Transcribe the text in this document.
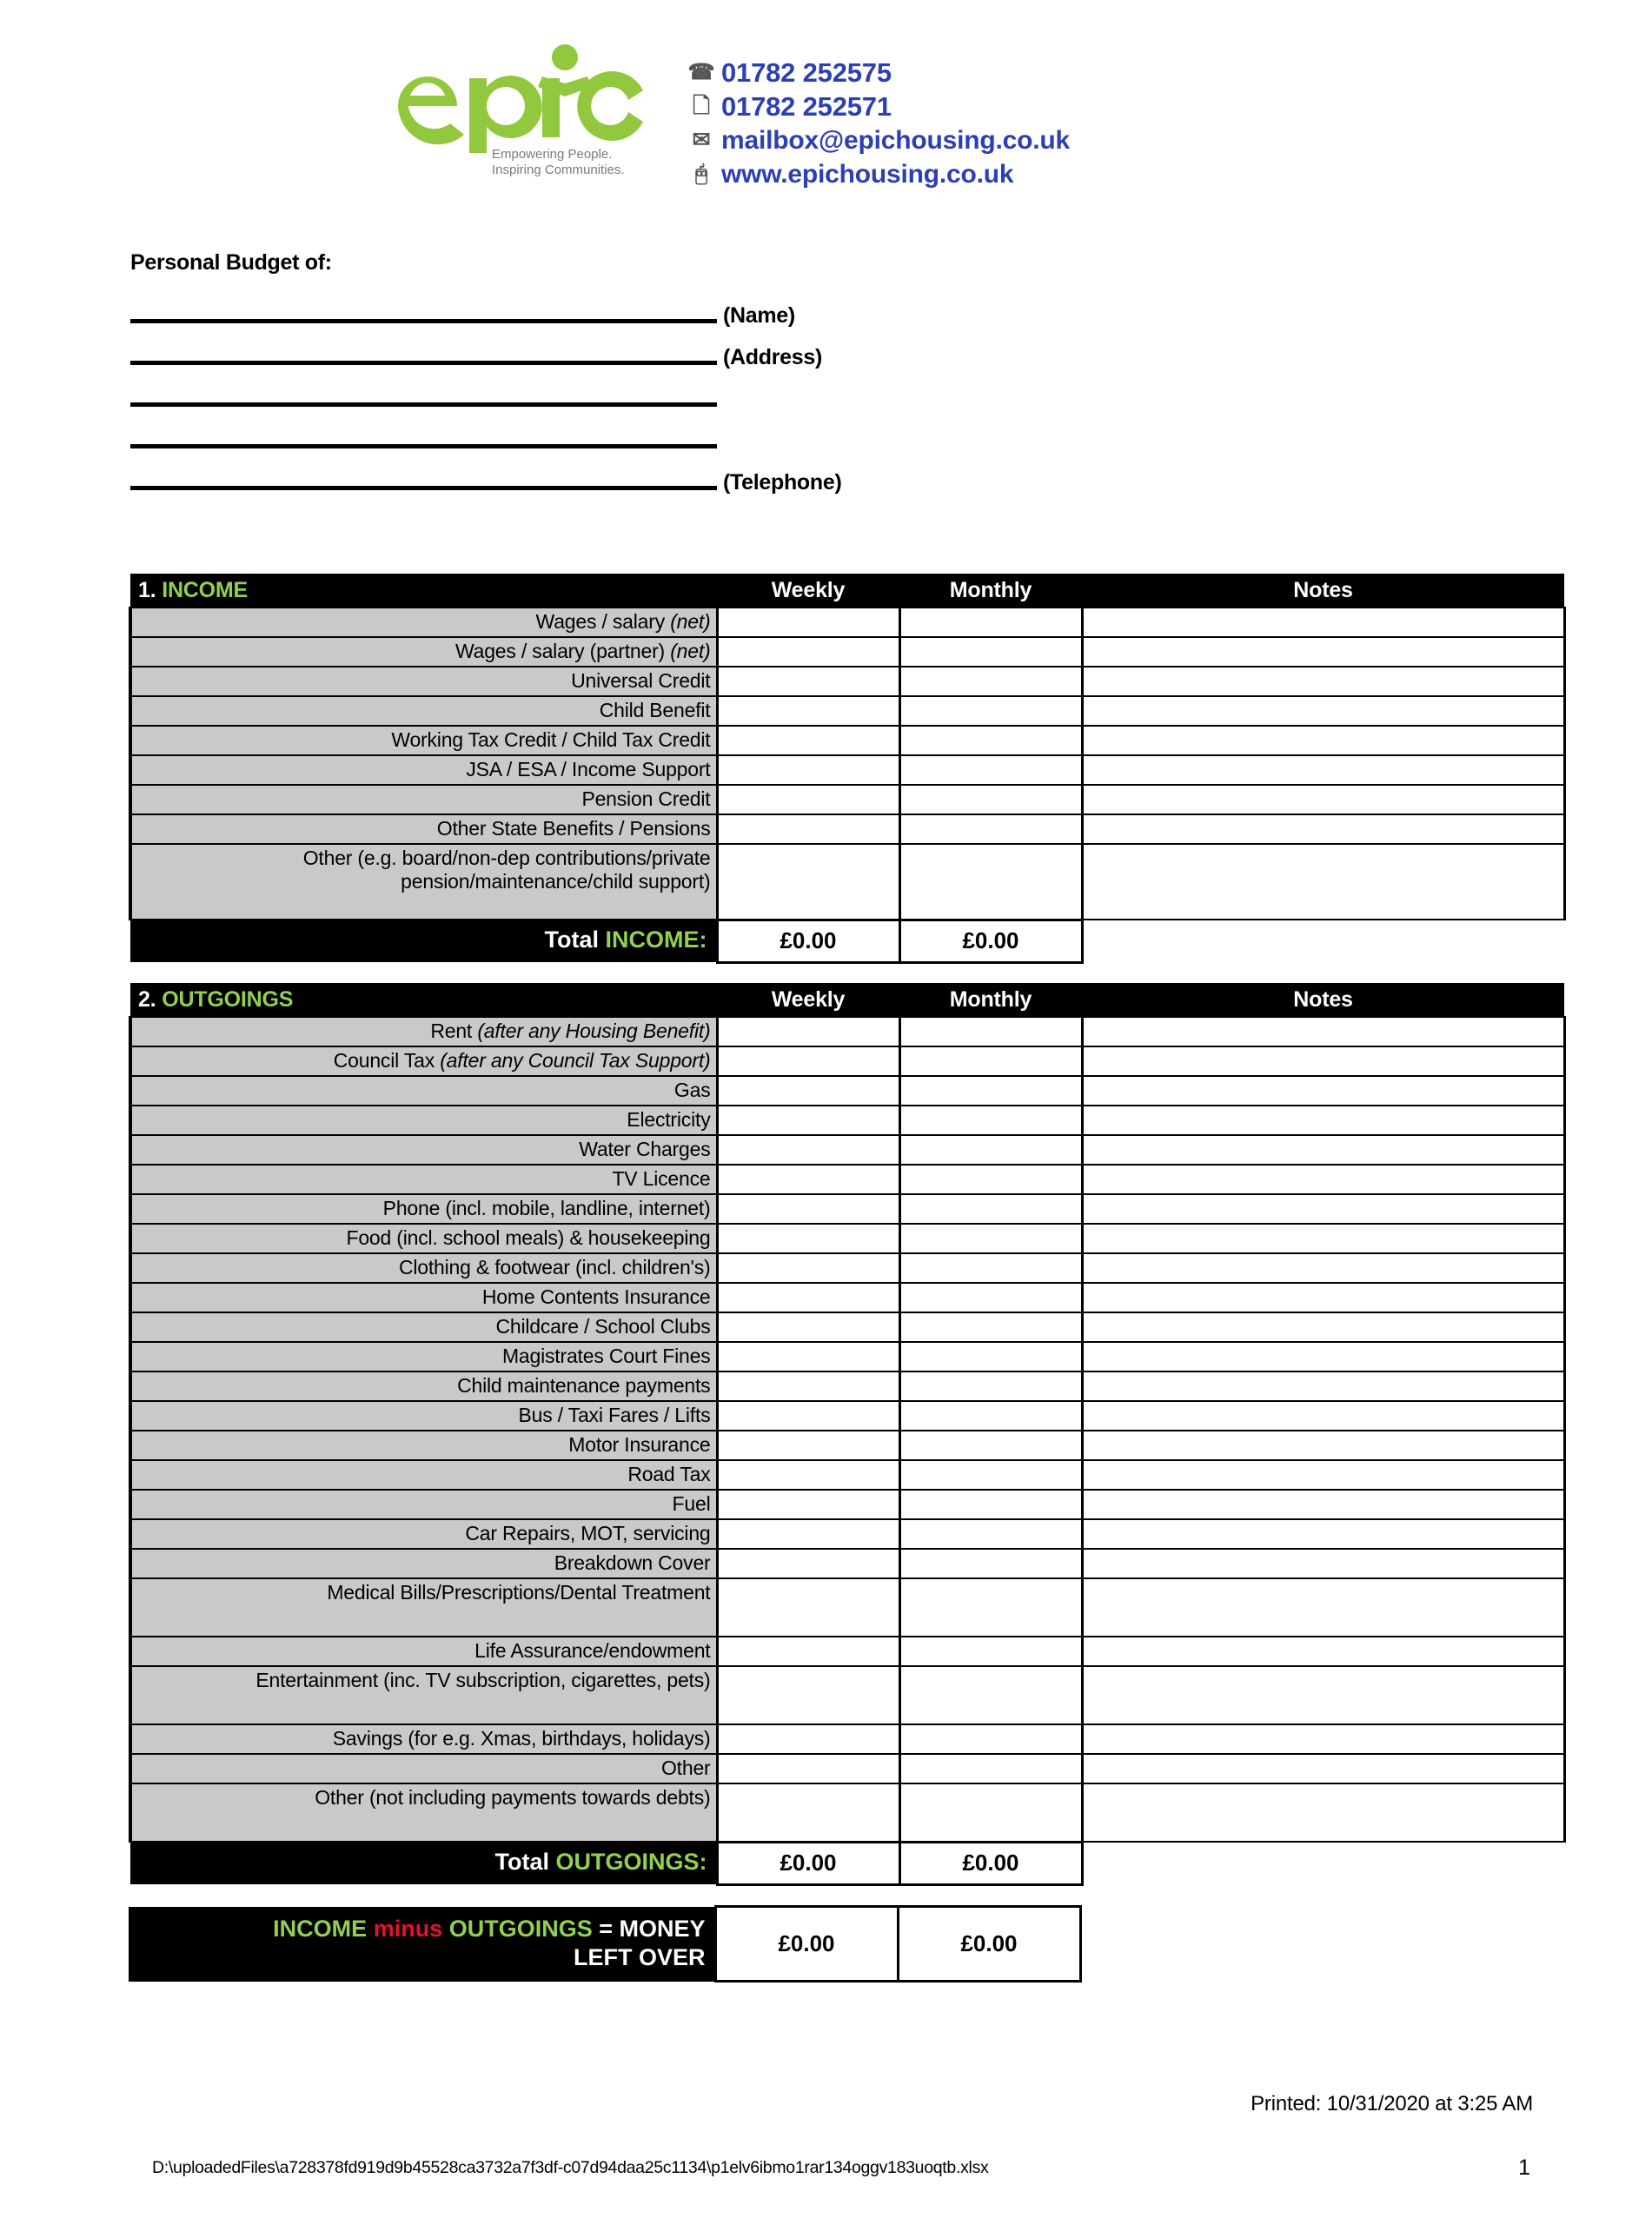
Empowering People.
Inspiring Communities.
☎ 01782 252575
🗋 01782 252571
✉ mailbox@epichousing.co.uk
🖰 www.epichousing.co.uk
Personal Budget of:
(Name)
(Address)
(Telephone)
1. INCOME	Weekly	Monthly	Notes
Wages / salary (net)			
Wages / salary (partner) (net)			
Universal Credit			
Child Benefit			
Working Tax Credit / Child Tax Credit			
JSA / ESA / Income Support			
Pension Credit			
Other State Benefits / Pensions			
Other (e.g. board/non-dep contributions/private pension/maintenance/child support)			
Total INCOME:	£0.00	£0.00	
2. OUTGOINGS	Weekly	Monthly	Notes
Rent (after any Housing Benefit)			
Council Tax (after any Council Tax Support)			
Gas			
Electricity			
Water Charges			
TV Licence			
Phone (incl. mobile, landline, internet)			
Food (incl. school meals) & housekeeping			
Clothing & footwear (incl. children's)			
Home Contents Insurance			
Childcare / School Clubs			
Magistrates Court Fines			
Child maintenance payments			
Bus / Taxi Fares / Lifts			
Motor Insurance			
Road Tax			
Fuel			
Car Repairs, MOT, servicing			
Breakdown Cover			
Medical Bills/Prescriptions/Dental Treatment			
Life Assurance/endowment			
Entertainment (inc. TV subscription, cigarettes, pets)			
Savings (for e.g. Xmas, birthdays, holidays)			
Other			
Other (not including payments towards debts)			
Total OUTGOINGS:	£0.00	£0.00	
INCOME minus OUTGOINGS = MONEY
LEFT OVER	£0.00	£0.00
Printed: 10/31/2020 at 3:25 AM
D:\uploadedFiles\a728378fd919d9b45528ca3732a7f3df-c07d94daa25c1134\p1elv6ibmo1rar134oggv183uoqtb.xlsx	1
